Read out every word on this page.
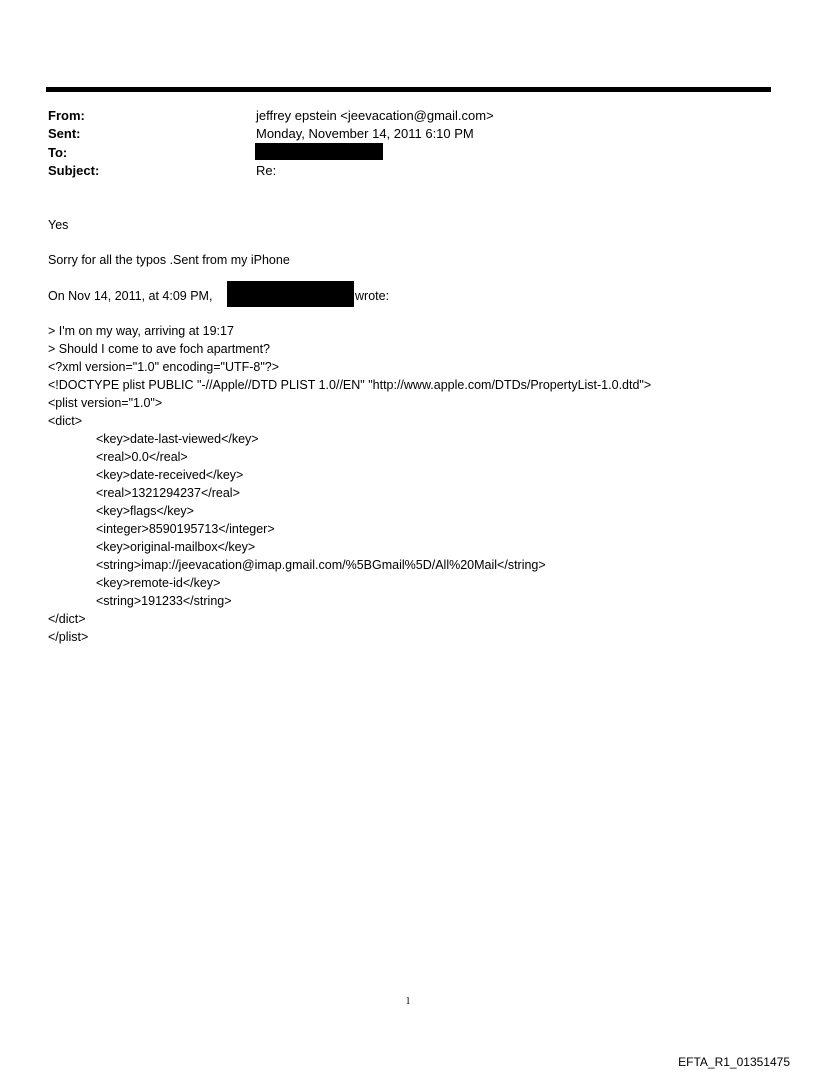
From:	jeffrey epstein <jeevacation@gmail.com>
Sent:	Monday, November 14, 2011 6:10 PM
To:
Subject:	Re:
Yes
Sorry for all the typos .Sent from my iPhone
On Nov 14, 2011, at 4:09 PM,	wrote:
> I'm on my way, arriving at 19:17
> Should I come to ave foch apartment?
<?xml version="1.0" encoding="UTF-8"?>
<!DOCTYPE plist PUBLIC "-//Apple//DTD PLIST 1.0//EN" "http://www.apple.com/DTDs/PropertyList-1.0.dtd">
<plist version="1.0">
<dict>
<key>date-last-viewed</key>
<real>0.0</real>
<key>date-received</key>
<real>1321294237</real>
<key>flags</key>
<integer>8590195713</integer>
<key>original-mailbox</key>
<string>imap://jeevacation@imap.gmail.com/%5BGmail%5D/All%20Mail</string>
<key>remote-id</key>
<string>191233</string>
</dict>
</plist>
1
EFTA_R1_01351475
